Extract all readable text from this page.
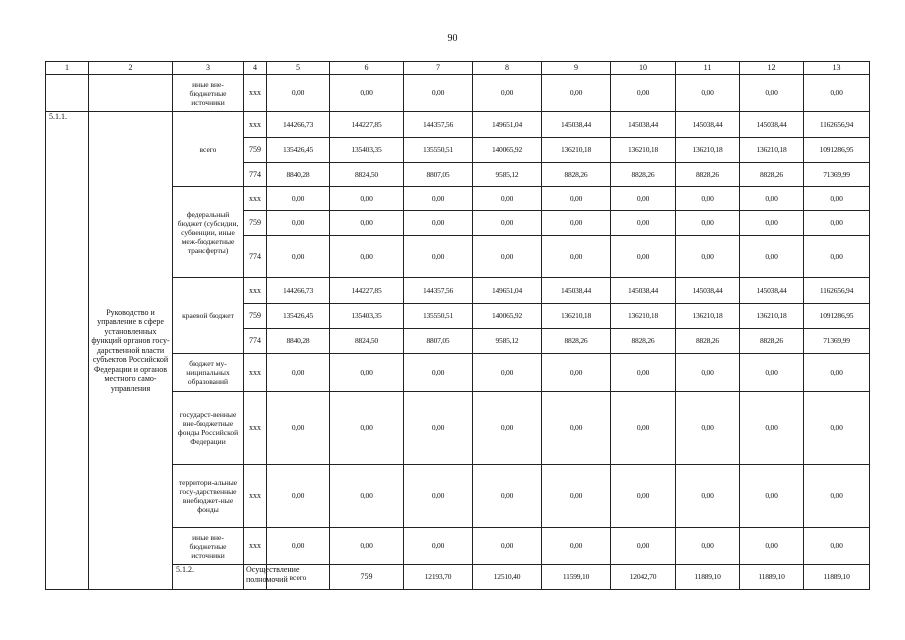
90
1	2	3	4	5	6	7	8	9	10	11	12	13	
		иные вне-бюджетные источники	xxx	0,00	0,00	0,00	0,00	0,00	0,00	0,00	0,00	0,00	
5.1.1.	Руководство и управление в сфере установленных функций органов госу-дарственной власти субъектов Российской Федерации и органов местного само-управления	всего	xxx	144266,73	144227,85	144357,56	149651,04	145038,44	145038,44	145038,44	145038,44	1162656,94	
			759	135426,45	135403,35	135550,51	140065,92	136210,18	136210,18	136210,18	136210,18	1091286,95	
			774	8840,28	8824,50	8807,05	9585,12	8828,26	8828,26	8828,26	8828,26	71369,99	
		федеральный бюджет (субсидии, субвенции, иные меж-бюджетные трансферты)	xxx	0,00	0,00	0,00	0,00	0,00	0,00	0,00	0,00	0,00	
			759	0,00	0,00	0,00	0,00	0,00	0,00	0,00	0,00	0,00	
			774	0,00	0,00	0,00	0,00	0,00	0,00	0,00	0,00	0,00	
		краевой бюджет	xxx	144266,73	144227,85	144357,56	149651,04	145038,44	145038,44	145038,44	145038,44	1162656,94	
			759	135426,45	135403,35	135550,51	140065,92	136210,18	136210,18	136210,18	136210,18	1091286,95	
			774	8840,28	8824,50	8807,05	9585,12	8828,26	8828,26	8828,26	8828,26	71369,99	
		бюджет му-ниципальных образований	xxx	0,00	0,00	0,00	0,00	0,00	0,00	0,00	0,00	0,00	
		государст-венные вне-бюджетные фонды Российской Федерации	xxx	0,00	0,00	0,00	0,00	0,00	0,00	0,00	0,00	0,00	
		территори-альные госу-дарственные внебюджет-ные фонды	xxx	0,00	0,00	0,00	0,00	0,00	0,00	0,00	0,00	0,00	
		иные вне-бюджетные источники	xxx	0,00	0,00	0,00	0,00	0,00	0,00	0,00	0,00	0,00	
		5.1.2.	Осуществление полномочий	всего	759	12193,70	12510,40	11599,10	12042,70	11889,10	11889,10	11889,10		
